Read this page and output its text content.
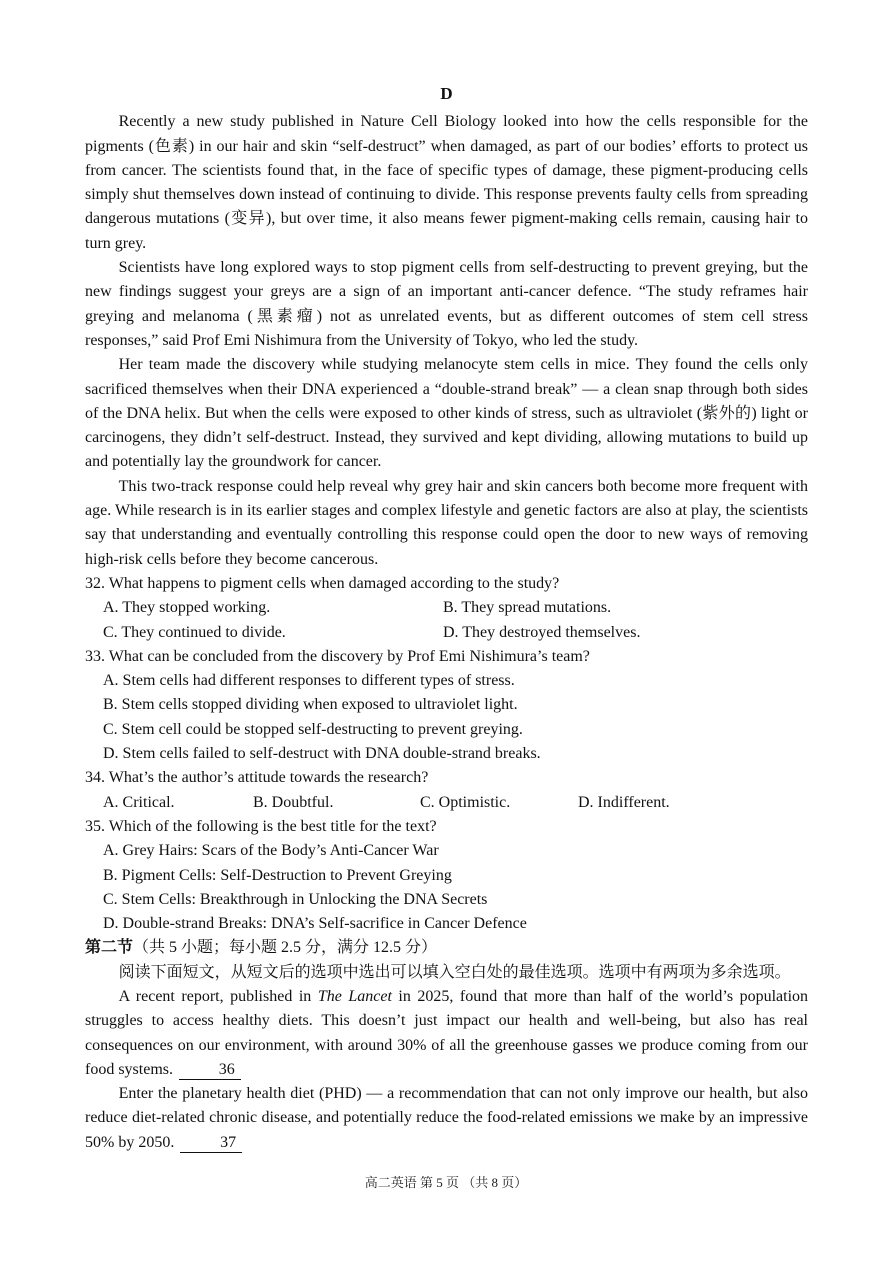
D

Recently a new study published in Nature Cell Biology looked into how the cells responsible for the pigments (色素) in our hair and skin “self-destruct” when damaged, as part of our bodies’ efforts to protect us from cancer. The scientists found that, in the face of specific types of damage, these pigment-producing cells simply shut themselves down instead of continuing to divide. This response prevents faulty cells from spreading dangerous mutations (变异), but over time, it also means fewer pigment-making cells remain, causing hair to turn grey.

Scientists have long explored ways to stop pigment cells from self-destructing to prevent greying, but the new findings suggest your greys are a sign of an important anti-cancer defence. “The study reframes hair greying and melanoma (黑素瘤) not as unrelated events, but as different outcomes of stem cell stress responses,” said Prof Emi Nishimura from the University of Tokyo, who led the study.

Her team made the discovery while studying melanocyte stem cells in mice. They found the cells only sacrificed themselves when their DNA experienced a “double-strand break” — a clean snap through both sides of the DNA helix. But when the cells were exposed to other kinds of stress, such as ultraviolet (紫外的) light or carcinogens, they didn’t self-destruct. Instead, they survived and kept dividing, allowing mutations to build up and potentially lay the groundwork for cancer.

This two-track response could help reveal why grey hair and skin cancers both become more frequent with age. While research is in its earlier stages and complex lifestyle and genetic factors are also at play, the scientists say that understanding and eventually controlling this response could open the door to new ways of removing high-risk cells before they become cancerous.

32. What happens to pigment cells when damaged according to the study?

A. They stopped working.	B. They spread mutations.
C. They continued to divide.	D. They destroyed themselves.

33. What can be concluded from the discovery by Prof Emi Nishimura’s team?

A. Stem cells had different responses to different types of stress.
B. Stem cells stopped dividing when exposed to ultraviolet light.
C. Stem cell could be stopped self-destructing to prevent greying.
D. Stem cells failed to self-destruct with DNA double-strand breaks.

34. What’s the author’s attitude towards the research?

A. Critical.	B. Doubtful.	C. Optimistic.	D. Indifferent.

35. Which of the following is the best title for the text?

A. Grey Hairs: Scars of the Body’s Anti-Cancer War
B. Pigment Cells: Self-Destruction to Prevent Greying
C. Stem Cells: Breakthrough in Unlocking the DNA Secrets
D. Double-strand Breaks: DNA’s Self-sacrifice in Cancer Defence

第二节（共 5 小题；每小题 2.5 分，满分 12.5 分）

阅读下面短文，从短文后的选项中选出可以填入空白处的最佳选项。选项中有两项为多余选项。

A recent report, published in The Lancet in 2025, found that more than half of the world’s population struggles to access healthy diets. This doesn’t just impact our health and well-being, but also has real consequences on our environment, with around 30% of all the greenhouse gasses we produce coming from our food systems.	36

Enter the planetary health diet (PHD) — a recommendation that can not only improve our health, but also reduce diet-related chronic disease, and potentially reduce the food-related emissions we make by an impressive 50% by 2050.	37

高二英语 第 5 页 （共 8 页）
